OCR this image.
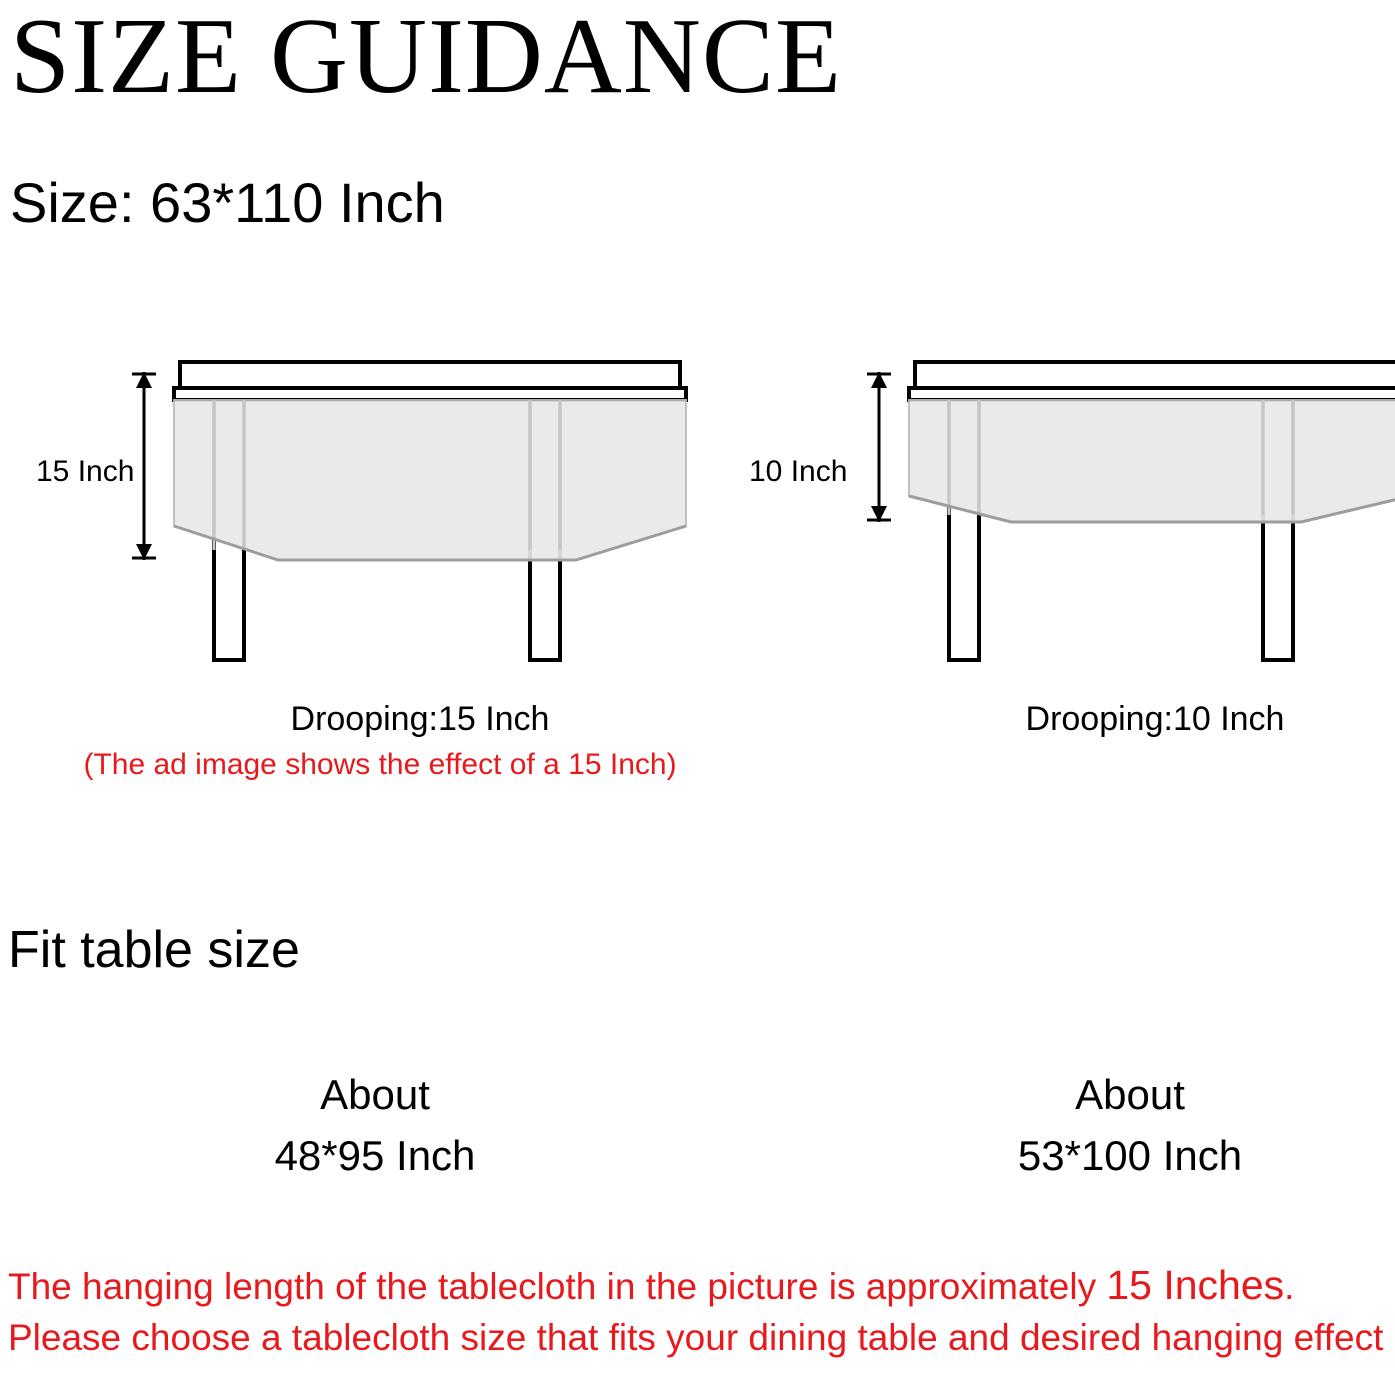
SIZE GUIDANCE
Size: 63*110 Inch
15 Inch	10 Inch
Drooping:15 Inch	Drooping:10 Inch
(The ad image shows the effect of a 15 Inch)
Fit table size
About
48*95 Inch
About
53*100 Inch
The hanging length of the tablecloth in the picture is approximately 15 Inches.
Please choose a tablecloth size that fits your dining table and desired hanging effect
